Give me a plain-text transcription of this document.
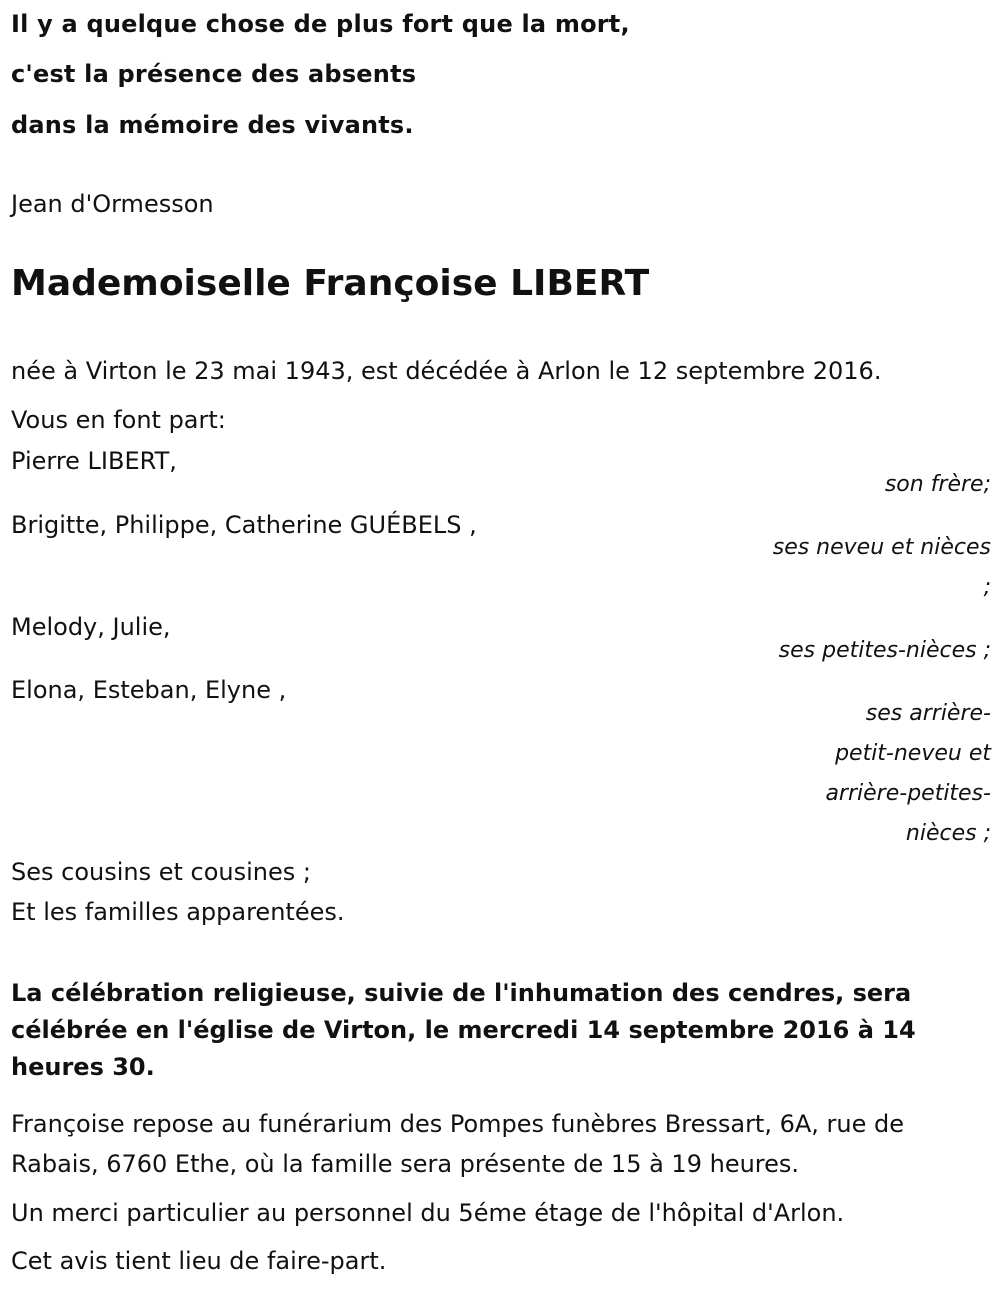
Il y a quelque chose de plus fort que la mort,
c'est la présence des absents
dans la mémoire des vivants.
Jean d'Ormesson
Mademoiselle Françoise LIBERT
née à Virton le 23 mai 1943, est décédée à Arlon le 12 septembre 2016.
Vous en font part:
Pierre LIBERT,
son frère;
Brigitte, Philippe, Catherine GUÉBELS ,
ses neveu et nièces
;
Melody, Julie,
ses petites-nièces ;
Elona, Esteban, Elyne ,
ses arrière-
petit-neveu et
arrière-petites-
nièces ;
Ses cousins et cousines ;
Et les familles apparentées.
La célébration religieuse, suivie de l'inhumation des cendres, sera célébrée en l'église de Virton, le mercredi 14 septembre 2016 à 14 heures 30.
Françoise repose au funérarium des Pompes funèbres Bressart, 6A, rue de Rabais, 6760 Ethe, où la famille sera présente de 15 à 19 heures.
Un merci particulier au personnel du 5éme étage de l'hôpital d'Arlon.
Cet avis tient lieu de faire-part.
